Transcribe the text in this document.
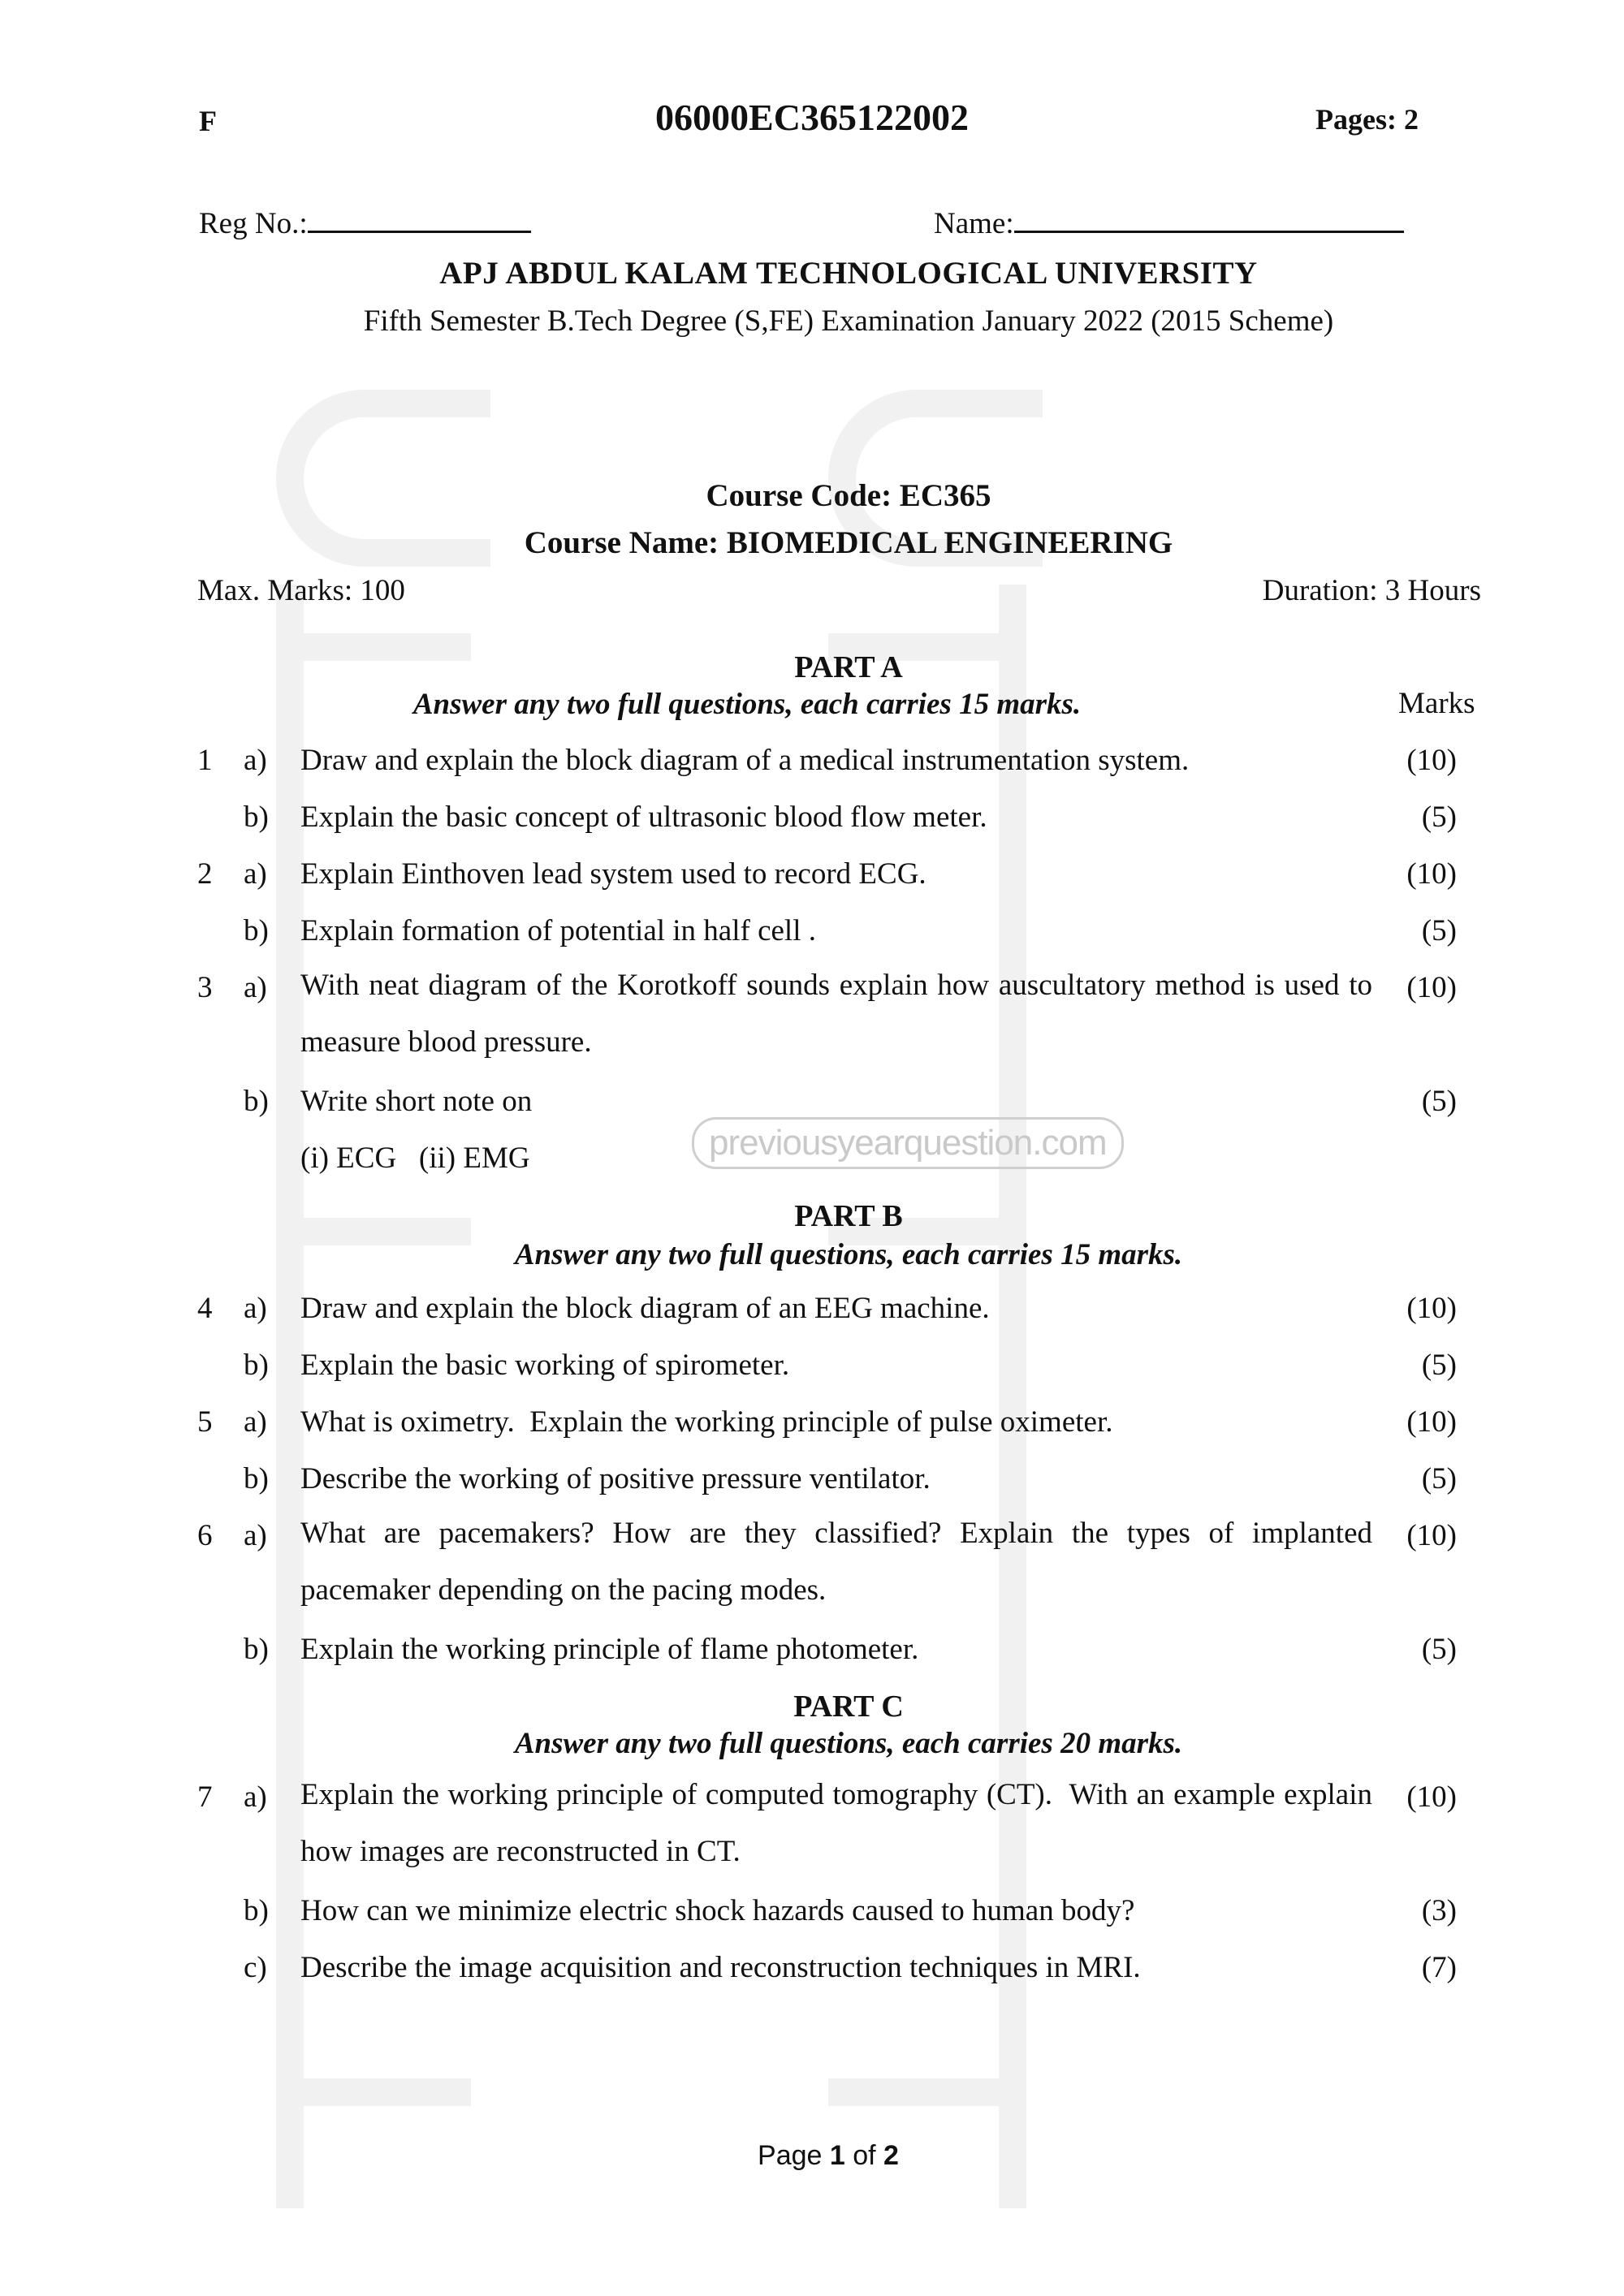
previousyearquestion.com
F	06000EC365122002	Pages: 2
Reg No.:	Name:
APJ ABDUL KALAM TECHNOLOGICAL UNIVERSITY
Fifth Semester B.Tech Degree (S,FE) Examination January 2022 (2015 Scheme)
Course Code: EC365
Course Name: BIOMEDICAL ENGINEERING
Max. Marks: 100	Duration: 3 Hours
PART A
Answer any two full questions, each carries 15 marks.	Marks
1 a) Draw and explain the block diagram of a medical instrumentation system.	(10)
b) Explain the basic concept of ultrasonic blood flow meter.	(5)
2 a) Explain Einthoven lead system used to record ECG.	(10)
b) Explain formation of potential in half cell .	(5)
3 a) With neat diagram of the Korotkoff sounds explain how auscultatory method is used to measure blood pressure.
(10)
b) Write short note on	(5)
(i) ECG   (ii) EMG
PART B
Answer any two full questions, each carries 15 marks.
4 a) Draw and explain the block diagram of an EEG machine.	(10)
b) Explain the basic working of spirometer.	(5)
5 a) What is oximetry.  Explain the working principle of pulse oximeter.	(10)
b) Describe the working of positive pressure ventilator.	(5)
6 a) What are pacemakers? How are they classified? Explain the types of implanted pacemaker depending on the pacing modes.
(10)
b) Explain the working principle of flame photometer.	(5)
PART C
Answer any two full questions, each carries 20 marks.
7 a) Explain the working principle of computed tomography (CT).  With an example explain how images are reconstructed in CT.
(10)
b) How can we minimize electric shock hazards caused to human body?	(3)
c) Describe the image acquisition and reconstruction techniques in MRI.	(7)
Page 1 of 2
